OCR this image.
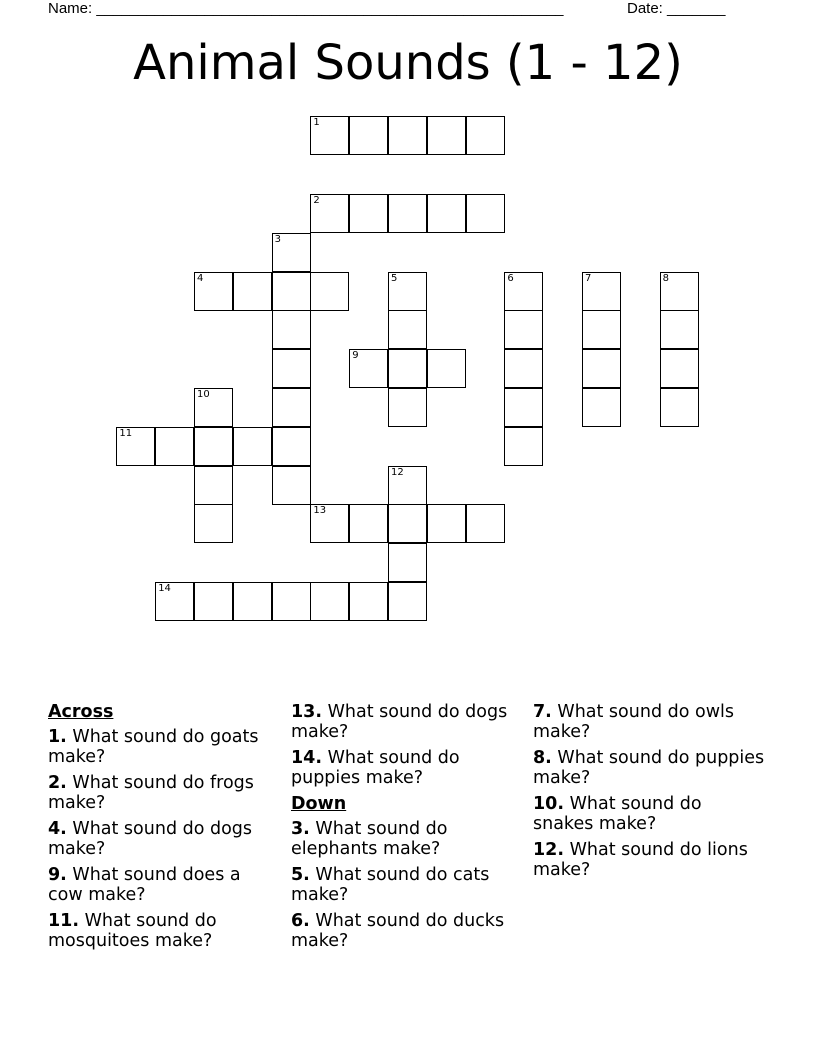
Name: ________________________________________________________	Date: _______
Animal Sounds (1 - 12)
1
2
3
4	5	6	7	8
9
10
11
12
13
14
Across
1. What sound do goats make?
2. What sound do frogs make?
4. What sound do dogs make?
9. What sound does a cow make?
11. What sound do mosquitoes make?
13. What sound do dogs make?
14. What sound do puppies make?
Down
3. What sound do elephants make?
5. What sound do cats make?
6. What sound do ducks make?
7. What sound do owls make?
8. What sound do puppies make?
10. What sound do snakes make?
12. What sound do lions make?
